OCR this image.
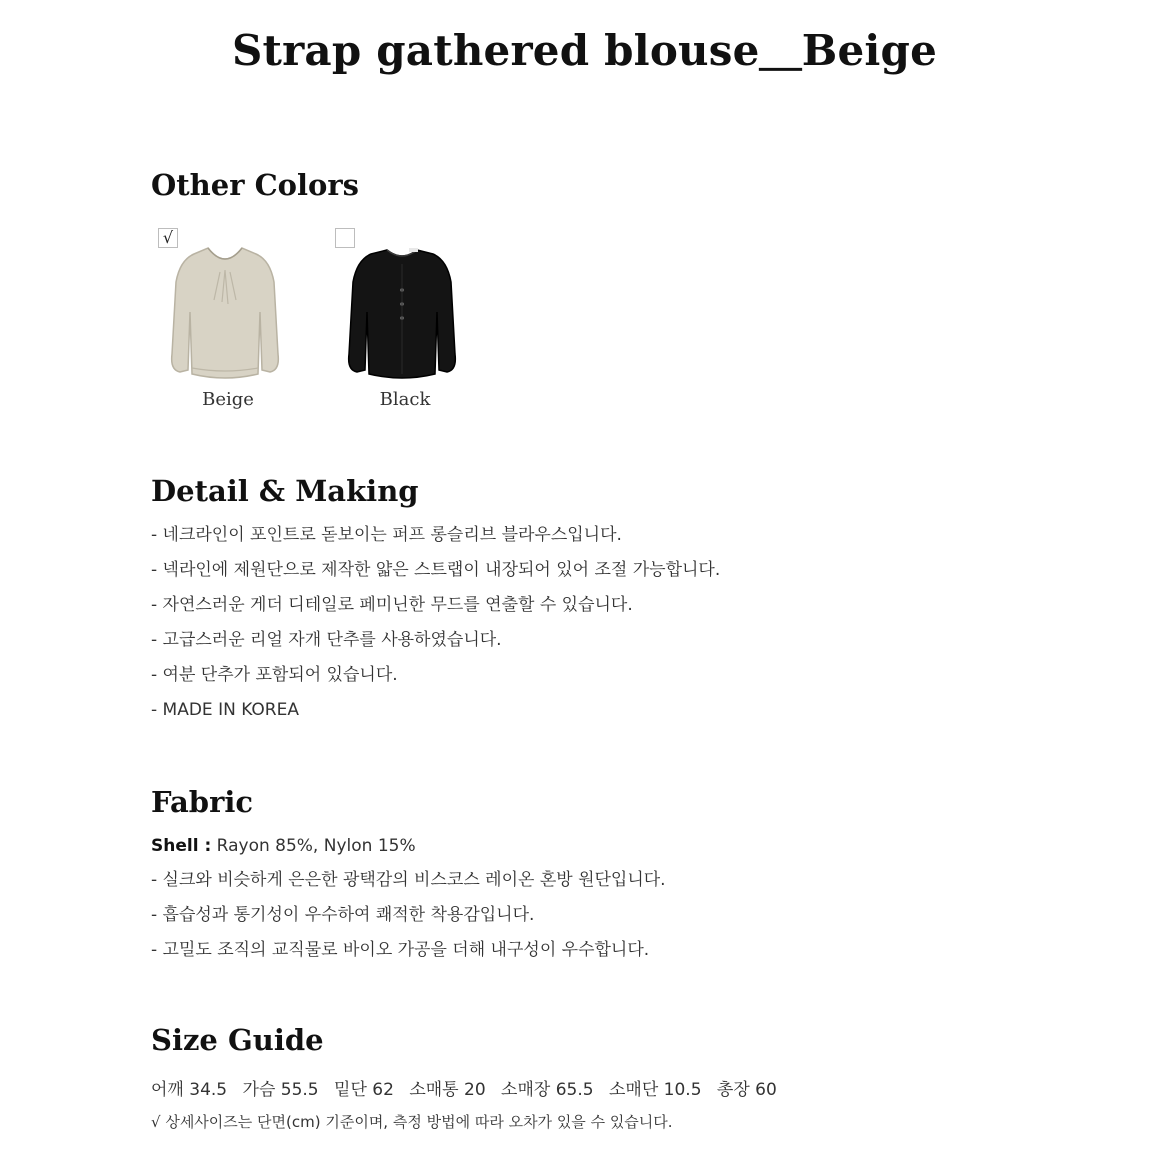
Strap gathered blouse＿Beige
Other Colors
√
Beige	Black
Detail & Making
- 네크라인이 포인트로 돋보이는 퍼프 롱슬리브 블라우스입니다.
- 넥라인에 제원단으로 제작한 얇은 스트랩이 내장되어 있어 조절 가능합니다.
- 자연스러운 게더 디테일로 페미닌한 무드를 연출할 수 있습니다.
- 고급스러운 리얼 자개 단추를 사용하였습니다.
- 여분 단추가 포함되어 있습니다.
- MADE IN KOREA
Fabric
Shell : Rayon 85%, Nylon 15%
- 실크와 비슷하게 은은한 광택감의 비스코스 레이온 혼방 원단입니다.
- 흡습성과 통기성이 우수하여 쾌적한 착용감입니다.
- 고밀도 조직의 교직물로 바이오 가공을 더해 내구성이 우수합니다.
Size Guide
어깨 34.5 가슴 55.5 밑단 62 소매통 20 소매장 65.5 소매단 10.5 총장 60
√ 상세사이즈는 단면(cm) 기준이며, 측정 방법에 따라 오차가 있을 수 있습니다.
